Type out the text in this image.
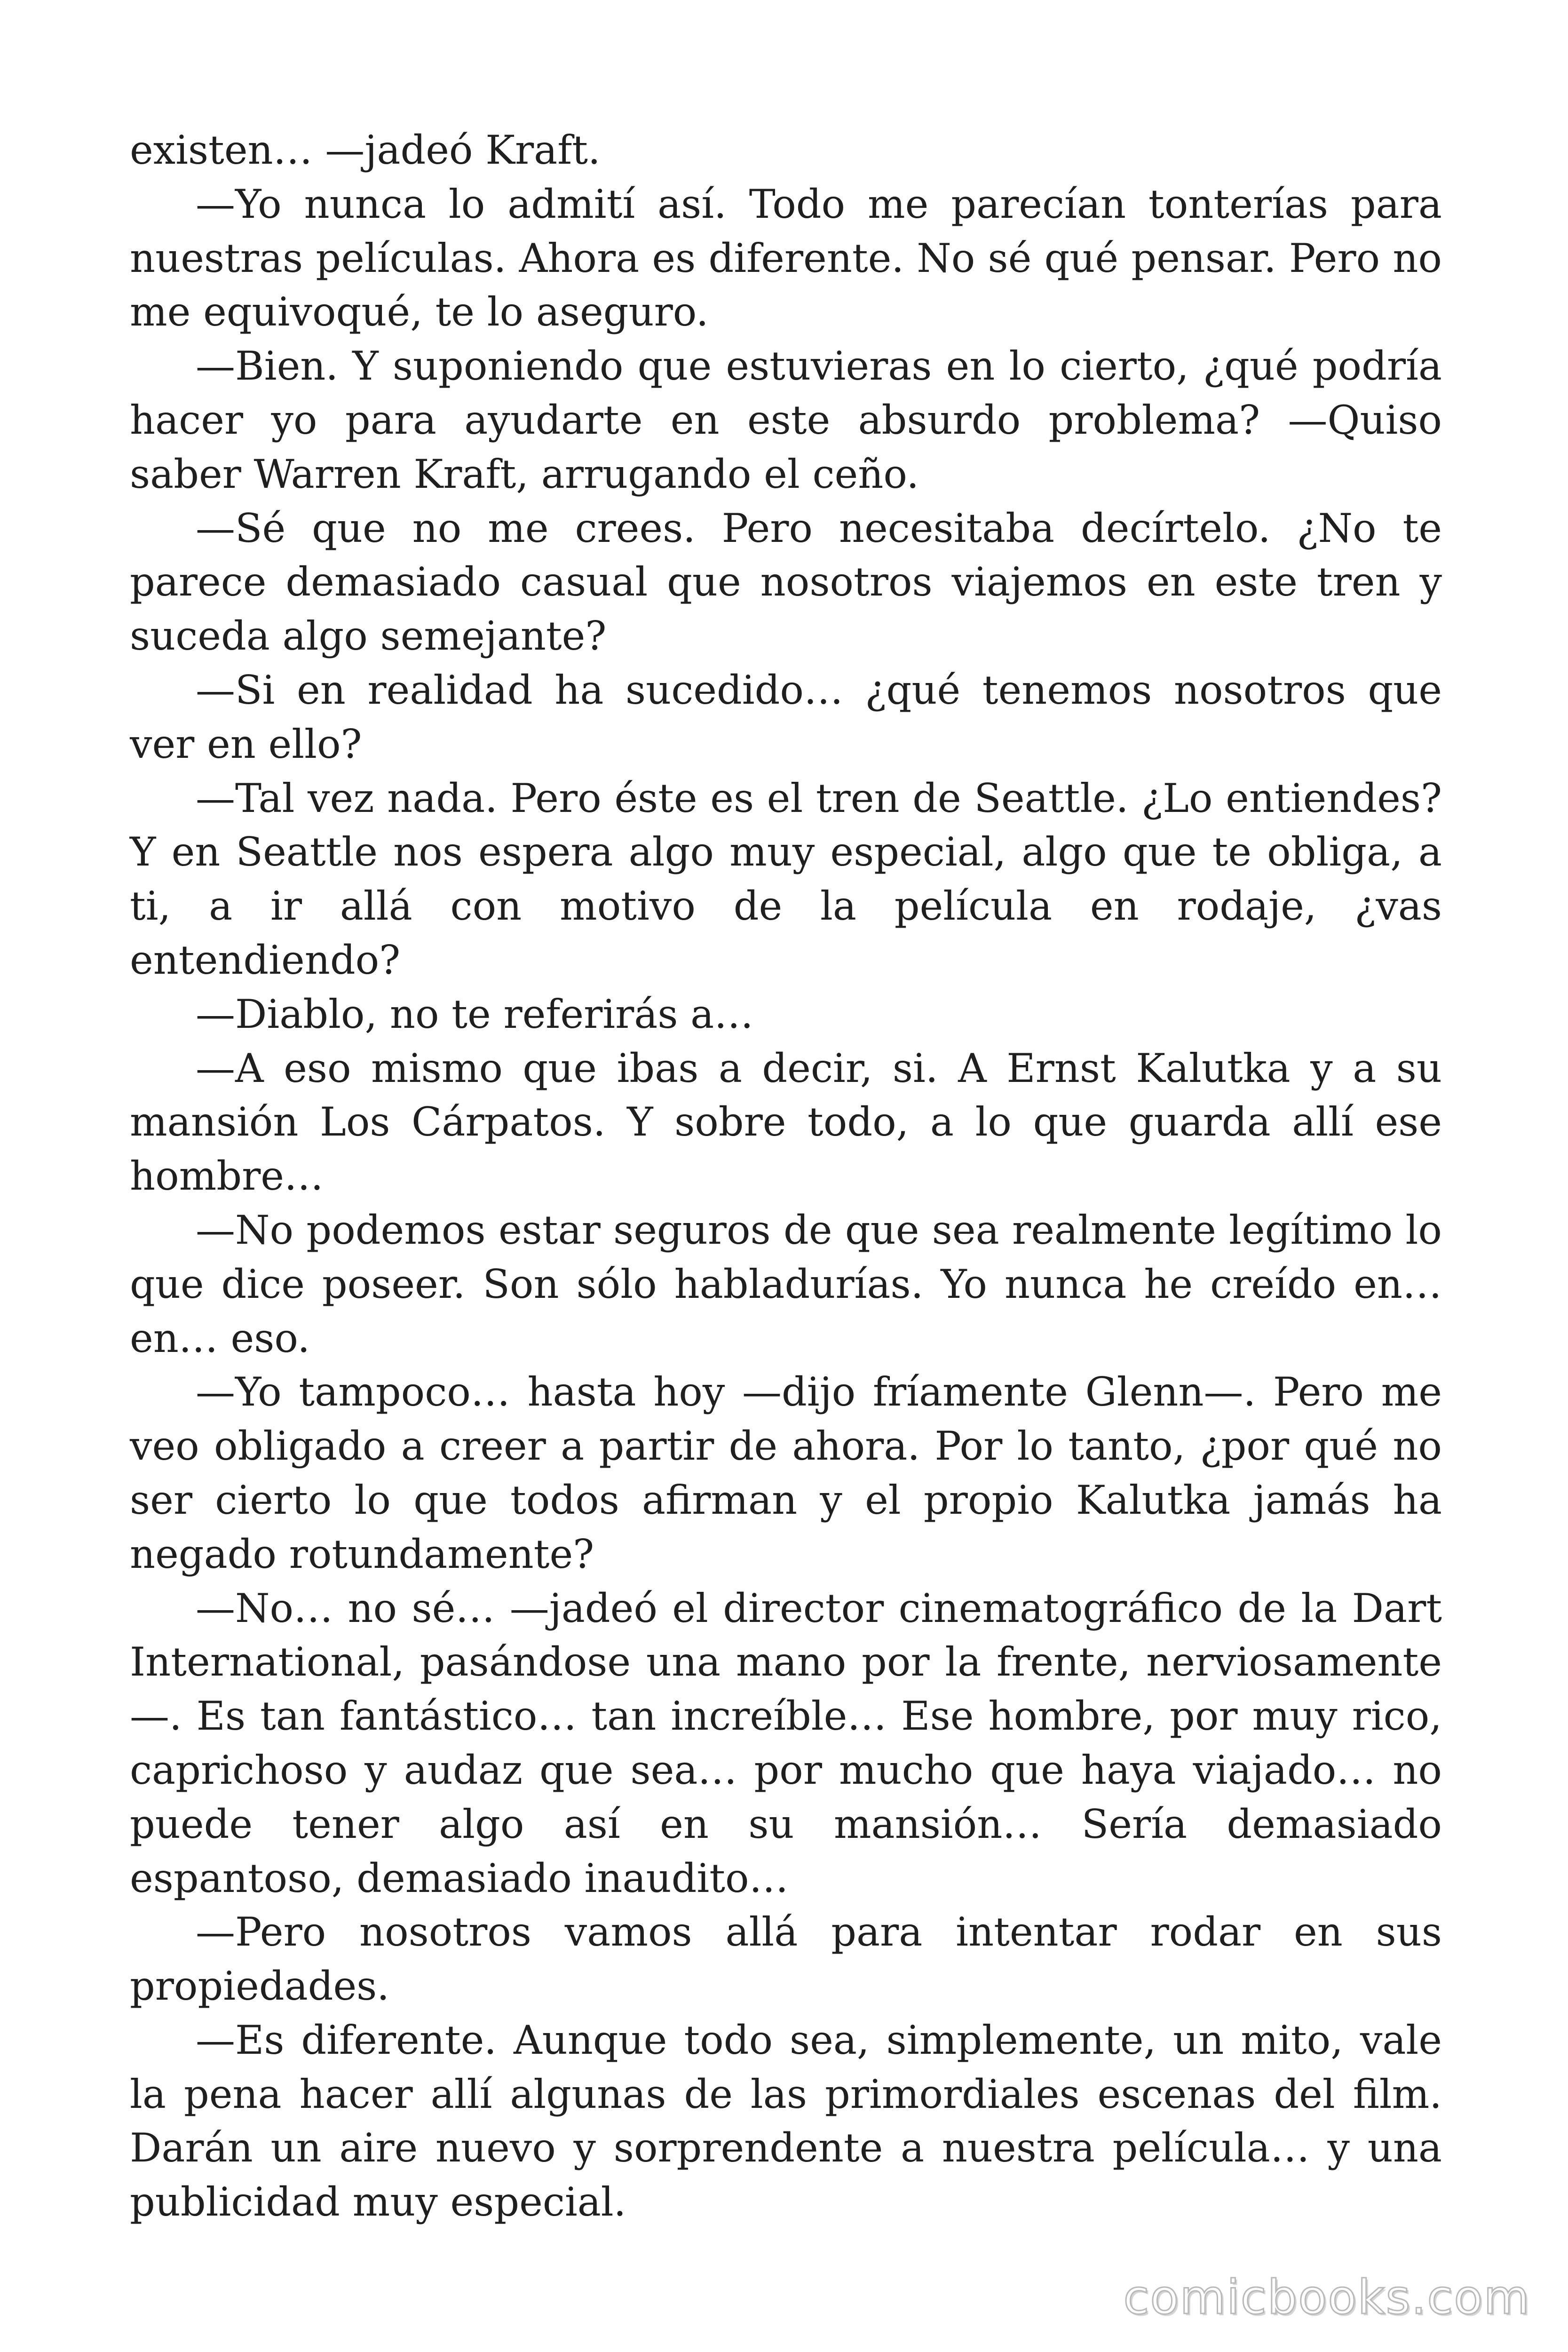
existen… —jadeó Kraft.

—Yo nunca lo admití así. Todo me parecían tonterías para nuestras películas. Ahora es diferente. No sé qué pensar. Pero no me equivoqué, te lo aseguro.

—Bien. Y suponiendo que estuvieras en lo cierto, ¿qué podría hacer yo para ayudarte en este absurdo problema? —Quiso saber Warren Kraft, arrugando el ceño.

—Sé que no me crees. Pero necesitaba decírtelo. ¿No te parece demasiado casual que nosotros viajemos en este tren y suceda algo semejante?

—Si en realidad ha sucedido… ¿qué tenemos nosotros que ver en ello?

—Tal vez nada. Pero éste es el tren de Seattle. ¿Lo entiendes? Y en Seattle nos espera algo muy especial, algo que te obliga, a ti, a ir allá con motivo de la película en rodaje, ¿vas entendiendo?

—Diablo, no te referirás a…

—A eso mismo que ibas a decir, si. A Ernst Kalutka y a su mansión Los Cárpatos. Y sobre todo, a lo que guarda allí ese hombre…

—No podemos estar seguros de que sea realmente legítimo lo que dice poseer. Son sólo habladurías. Yo nunca he creído en… en… eso.

—Yo tampoco… hasta hoy —dijo fríamente Glenn—. Pero me veo obligado a creer a partir de ahora. Por lo tanto, ¿por qué no ser cierto lo que todos afirman y el propio Kalutka jamás ha negado rotundamente?

—No… no sé… —jadeó el director cinematográfico de la Dart International, pasándose una mano por la frente, nerviosamente—. Es tan fantástico… tan increíble… Ese hombre, por muy rico, caprichoso y audaz que sea… por mucho que haya viajado… no puede tener algo así en su mansión… Sería demasiado espantoso, demasiado inaudito…

—Pero nosotros vamos allá para intentar rodar en sus propiedades.

—Es diferente. Aunque todo sea, simplemente, un mito, vale la pena hacer allí algunas de las primordiales escenas del film. Darán un aire nuevo y sorprendente a nuestra película… y una publicidad muy especial.

comicbooks.com
